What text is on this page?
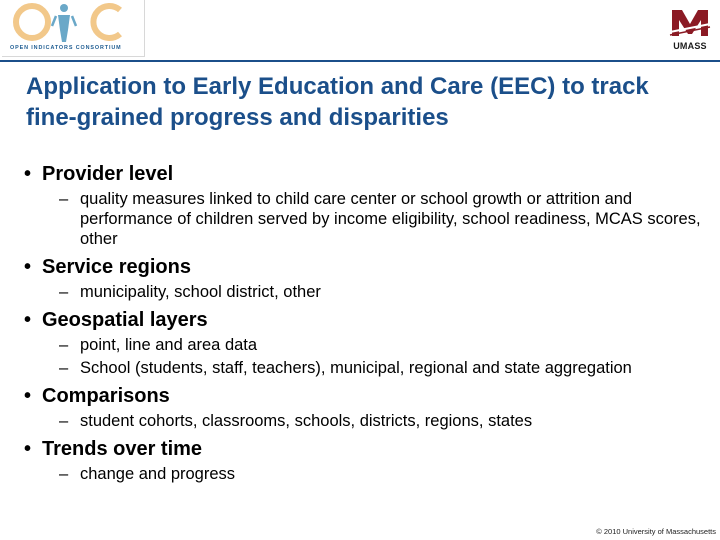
OPEN INDICATORS CONSORTIUM	UMASS
Application to Early Education and Care (EEC) to track fine-grained progress and disparities
• Provider level
– quality measures linked to child care center or school growth or attrition and performance of children served by income eligibility, school readiness, MCAS scores, other
• Service regions
– municipality, school district, other
• Geospatial layers
– point, line and area data
– School (students, staff, teachers), municipal, regional and state aggregation
• Comparisons
– student cohorts, classrooms, schools, districts, regions, states
• Trends over time
– change and progress
© 2010 University of Massachusetts
